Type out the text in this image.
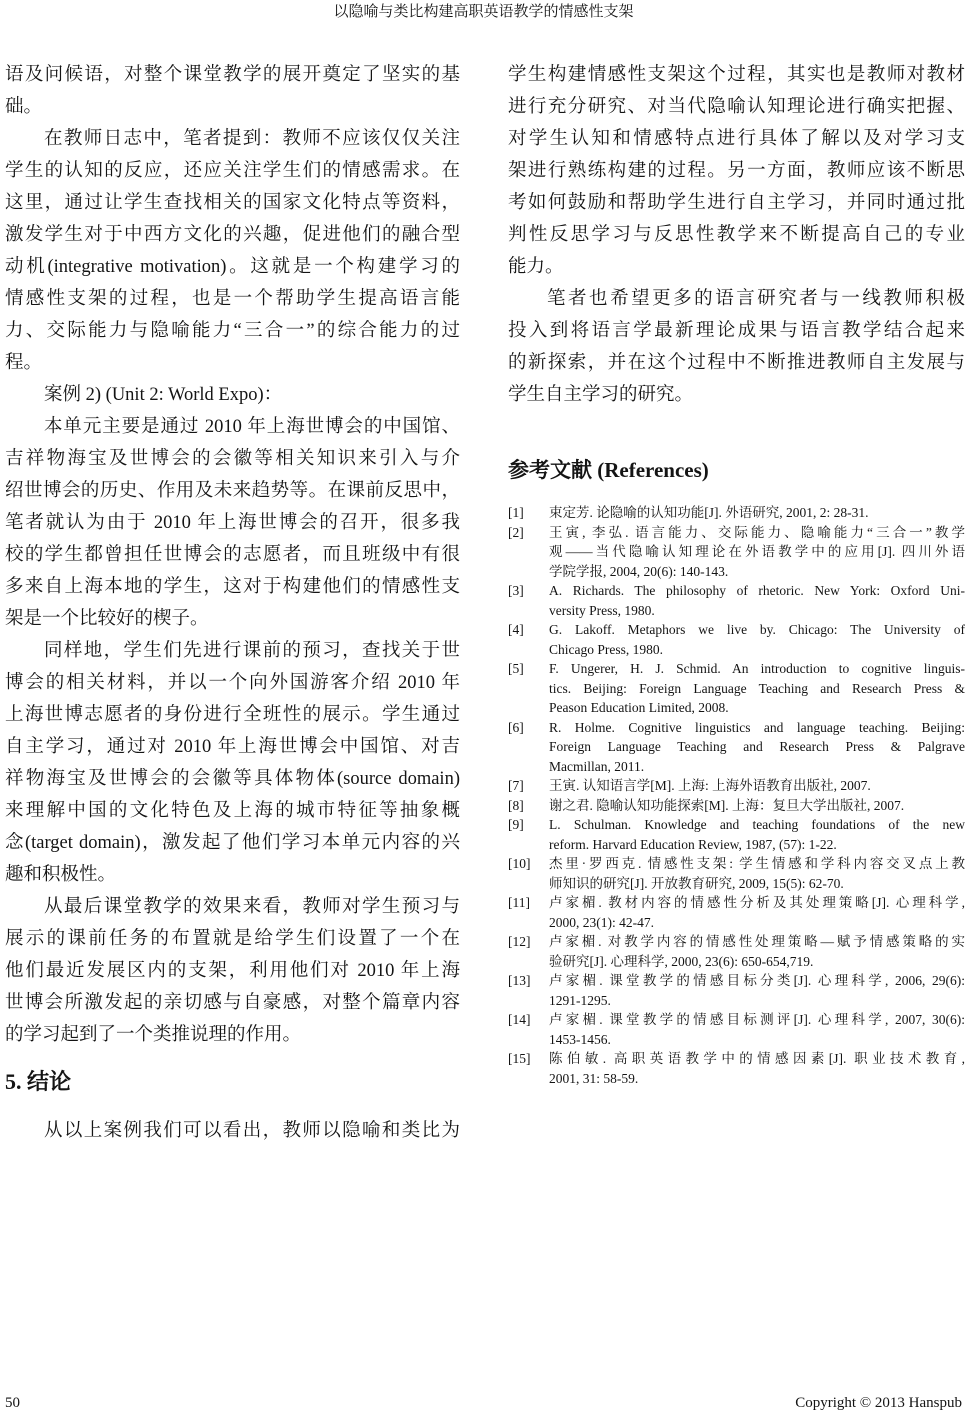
以隐喻与类比构建高职英语教学的情感性支架
语及问候语，对整个课堂教学的展开奠定了坚实的基
础。
在教师日志中，笔者提到：教师不应该仅仅关注
学生的认知的反应，还应关注学生们的情感需求。在
这里，通过让学生查找相关的国家文化特点等资料，
激发学生对于中西方文化的兴趣，促进他们的融合型
动机(integrative motivation)。这就是一个构建学习的
情感性支架的过程，也是一个帮助学生提高语言能
力、交际能力与隐喻能力“三合一”的综合能力的过
程。
案例 2) (Unit 2: World Expo)：
本单元主要是通过 2010 年上海世博会的中国馆、
吉祥物海宝及世博会的会徽等相关知识来引入与介
绍世博会的历史、作用及未来趋势等。在课前反思中，
笔者就认为由于 2010 年上海世博会的召开，很多我
校的学生都曾担任世博会的志愿者，而且班级中有很
多来自上海本地的学生，这对于构建他们的情感性支
架是一个比较好的楔子。
同样地，学生们先进行课前的预习，查找关于世
博会的相关材料，并以一个向外国游客介绍 2010 年
上海世博志愿者的身份进行全班性的展示。学生通过
自主学习，通过对 2010 年上海世博会中国馆、对吉
祥物海宝及世博会的会徽等具体物体(source domain)
来理解中国的文化特色及上海的城市特征等抽象概
念(target domain)，激发起了他们学习本单元内容的兴
趣和积极性。
从最后课堂教学的效果来看，教师对学生预习与
展示的课前任务的布置就是给学生们设置了一个在
他们最近发展区内的支架，利用他们对 2010 年上海
世博会所激发起的亲切感与自豪感，对整个篇章内容
的学习起到了一个类推说理的作用。
5. 结论
从以上案例我们可以看出，教师以隐喻和类比为
学生构建情感性支架这个过程，其实也是教师对教材
进行充分研究、对当代隐喻认知理论进行确实把握、
对学生认知和情感特点进行具体了解以及对学习支
架进行熟练构建的过程。另一方面，教师应该不断思
考如何鼓励和帮助学生进行自主学习，并同时通过批
判性反思学习与反思性教学来不断提高自己的专业
能力。
笔者也希望更多的语言研究者与一线教师积极
投入到将语言学最新理论成果与语言教学结合起来
的新探索，并在这个过程中不断推进教师自主发展与
学生自主学习的研究。
参考文献 (References)
[1]	束定芳. 论隐喻的认知功能[J]. 外语研究, 2001, 2: 28-31.
[2]	王寅, 李弘. 语言能力、交际能力、隐喻能力“三合一”教学
观——当代隐喻认知理论在外语教学中的应用[J]. 四川外语
学院学报, 2004, 20(6): 140-143.
[3]	A. Richards. The philosophy of rhetoric. New York: Oxford Uni-
versity Press, 1980.
[4]	G. Lakoff. Metaphors we live by. Chicago: The University of
Chicago Press, 1980.
[5]	F. Ungerer, H. J. Schmid. An introduction to cognitive linguis-
tics. Beijing: Foreign Language Teaching and Research Press &
Peason Education Limited, 2008.
[6]	R. Holme. Cognitive linguistics and language teaching. Beijing:
Foreign Language Teaching and Research Press & Palgrave
Macmillan, 2011.
[7]	王寅. 认知语言学[M]. 上海: 上海外语教育出版社, 2007.
[8]	谢之君. 隐喻认知功能探索[M]. 上海：复旦大学出版社, 2007.
[9]	L. Schulman. Knowledge and teaching foundations of the new
reform. Harvard Education Review, 1987, (57): 1-22.
[10]	杰里·罗西克. 情感性支架: 学生情感和学科内容交叉点上教
师知识的研究[J]. 开放教育研究, 2009, 15(5): 62-70.
[11]	卢家楣. 教材内容的情感性分析及其处理策略[J]. 心理科学,
2000, 23(1): 42-47.
[12]	卢家楣. 对教学内容的情感性处理策略—赋予情感策略的实
验研究[J]. 心理科学, 2000, 23(6): 650-654,719.
[13]	卢家楣. 课堂教学的情感目标分类[J]. 心理科学, 2006, 29(6):
1291-1295.
[14]	卢家楣. 课堂教学的情感目标测评[J]. 心理科学, 2007, 30(6):
1453-1456.
[15]	陈伯敏. 高职英语教学中的情感因素[J]. 职业技术教育,
2001, 31: 58-59.
50	Copyright © 2013 Hanspub
